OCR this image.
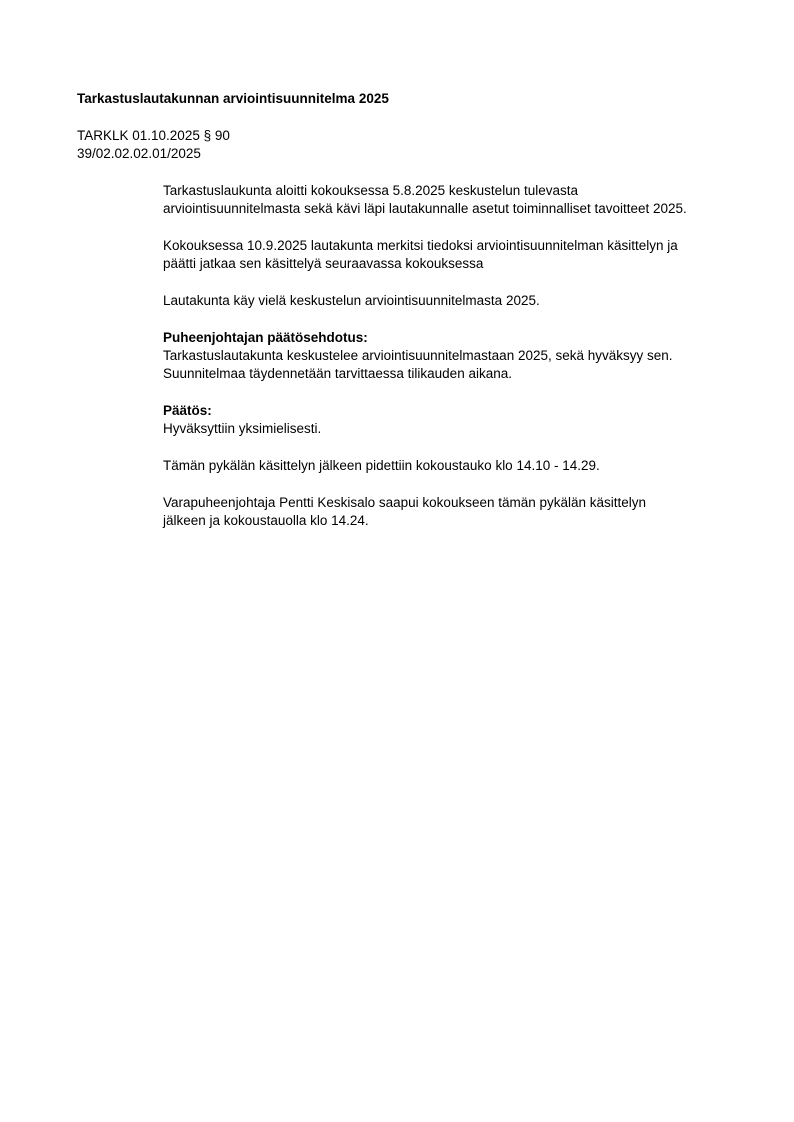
Tarkastuslautakunnan arviointisuunnitelma 2025
TARKLK 01.10.2025 § 90
39/02.02.02.01/2025
Tarkastuslaukunta aloitti kokouksessa 5.8.2025 keskustelun tulevasta
arviointisuunnitelmasta sekä kävi läpi lautakunnalle asetut toiminnalliset tavoitteet 2025.
Kokouksessa 10.9.2025 lautakunta merkitsi tiedoksi arviointisuunnitelman käsittelyn ja
päätti jatkaa sen käsittelyä seuraavassa kokouksessa
Lautakunta käy vielä keskustelun arviointisuunnitelmasta 2025.
Puheenjohtajan päätösehdotus:
Tarkastuslautakunta keskustelee arviointisuunnitelmastaan 2025, sekä hyväksyy sen.
Suunnitelmaa täydennetään tarvittaessa tilikauden aikana.
Päätös:
Hyväksyttiin yksimielisesti.
Tämän pykälän käsittelyn jälkeen pidettiin kokoustauko klo 14.10 - 14.29.
Varapuheenjohtaja Pentti Keskisalo saapui kokoukseen tämän pykälän käsittelyn
jälkeen ja kokoustauolla klo 14.24.
